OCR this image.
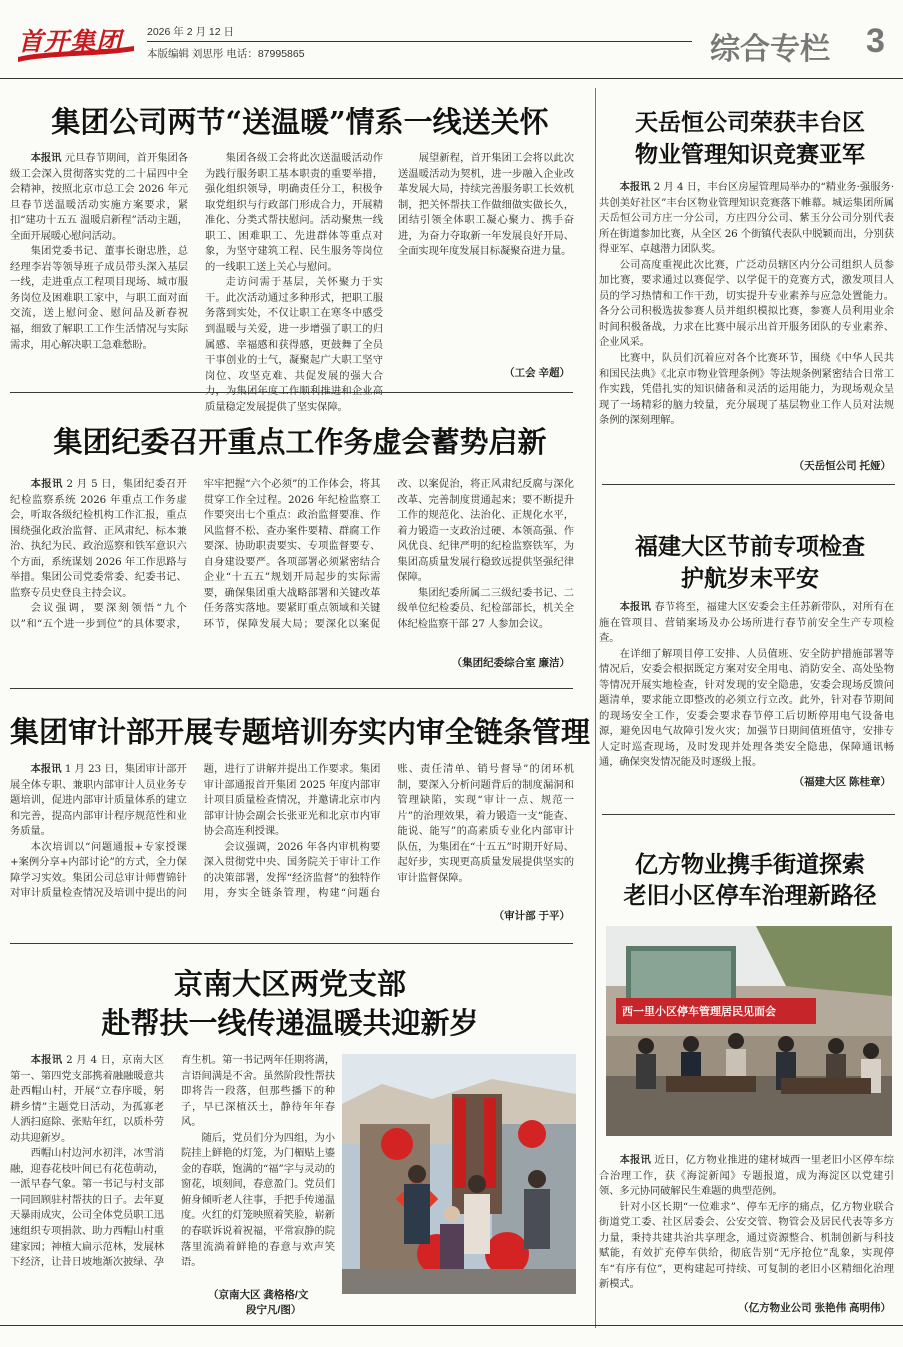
首开集团 2026 年 2 月 12 日
本版编辑 刘思彤 电话：87995865	综合专栏 3
集团公司两节“送温暖”情系一线送关怀

本报讯 元旦春节期间，首开集团各级工会深入贯彻落实党的二十届四中全会精神，按照北京市总工会 2026 年元旦春节送温暖活动实施方案要求，紧扣“建功十五五 温暖启新程”活动主题，全面开展暖心慰问活动。

集团党委书记、董事长谢忠胜，总经理李岩等领导班子成员带头深入基层一线，走进重点工程项目现场、城市服务岗位及困难职工家中，与职工面对面交流，送上慰问金、慰问品及新春祝福，细致了解职工工作生活情况与实际需求，用心解决职工急难愁盼。

集团各级工会将此次送温暖活动作为践行服务职工基本职责的重要举措，强化组织领导，明确责任分工，积极争取党组织与行政部门形成合力，开展精准化、分类式帮扶慰问。活动聚焦一线职工、困难职工、先进群体等重点对象，为坚守建筑工程、民生服务等岗位的一线职工送上关心与慰问。

走访问需于基层，关怀聚力于实干。此次活动通过多种形式，把职工服务落到实处，不仅让职工在寒冬中感受到温暖与关爱，进一步增强了职工的归属感、幸福感和获得感，更鼓舞了全员干事创业的士气，凝聚起广大职工坚守岗位、攻坚克难、共促发展的强大合力，为集团年度工作顺利推进和企业高质量稳定发展提供了坚实保障。

展望新程，首开集团工会将以此次送温暖活动为契机，进一步融入企业改革发展大局，持续完善服务职工长效机制，把关怀帮扶工作做细做实做长久，团结引领全体职工凝心聚力、携手奋进，为奋力夺取新一年发展良好开局、全面实现年度发展目标凝聚奋进力量。

（工会 辛超）
集团纪委召开重点工作务虚会蓄势启新

本报讯 2 月 5 日，集团纪委召开纪检监察系统 2026 年重点工作务虚会，听取各级纪检机构工作汇报，重点围绕强化政治监督、正风肃纪、标本兼治、执纪为民、政治巡察和铁军意识六个方面，系统谋划 2026 年工作思路与举措。集团公司党委常委、纪委书记、监察专员史登良主持会议。

会议强调，要深刻领悟“九个以”和“五个进一步到位”的具体要求，牢牢把握“六个必须”的工作体会，将其贯穿工作全过程。2026 年纪检监察工作要突出七个重点：政治监督要准、作风监督不松、查办案件要精、群腐工作要深、协助职责要实、专项监督要专、自身建设要严。各项部署必须紧密结合企业“十五五”规划开局起步的实际需要，确保集团重大战略部署和关键改革任务落实落地。要紧盯重点领域和关键环节，保障发展大局；要深化以案促改、以案促治，将正风肃纪反腐与深化改革、完善制度贯通起来；要不断提升工作的规范化、法治化、正规化水平，着力锻造一支政治过硬、本领高强、作风优良、纪律严明的纪检监察铁军，为集团高质量发展行稳致远提供坚强纪律保障。

集团纪委所属二三级纪委书记、二级单位纪检委员、纪检部部长，机关全体纪检监察干部 27 人参加会议。

（集团纪委综合室 廉洁）
集团审计部开展专题培训夯实内审全链条管理

本报讯 1 月 23 日，集团审计部开展全体专职、兼职内部审计人员业务专题培训，促进内部审计质量体系的建立和完善，提高内部审计程序规范性和业务质量。

本次培训以“问题通报+专家授课+案例分享+内部讨论”的方式，全力保障学习实效。集团公司总审计师曹锦针对审计质量检查情况及培训中提出的问题，进行了讲解并提出工作要求。集团审计部通报首开集团 2025 年度内部审计项目质量检查情况，并邀请北京市内部审计协会副会长张亚光和北京市内审协会高连利授课。

会议强调，2026 年各内审机构要深入贯彻党中央、国务院关于审计工作的决策部署，发挥“经济监督”的独特作用，夯实全链条管理，构建“问题台账、责任清单、销号督导”的闭环机制，要深入分析问题背后的制度漏洞和管理缺陷，实现“审计一点、规范一片”的治理效果，着力锻造一支“能查、能说、能写”的高素质专业化内部审计队伍，为集团在“十五五”时期开好局、起好步，实现更高质量发展提供坚实的审计监督保障。

（审计部 于平）
京南大区两党支部
赴帮扶一线传递温暖共迎新岁

本报讯 2 月 4 日，京南大区第一、第四党支部携着融融暖意共赴西帽山村，开展“立春序暖，躬耕乡情”主题党日活动，为孤寡老人洒扫庭除、张贴年红，以质朴劳动共迎新岁。

西帽山村边河水初泮，冰雪消融，迎春花枝叶间已有花苞萌动，一派早春气象。第一书记与村支部一同回顾驻村帮扶的日子。去年夏天暴雨成灾，公司全体党员职工迅速组织专项捐款、助力西帽山村重建家园；神植大扁示范林，发展林下经济，让昔日坡地渐次披绿、孕育生机。第一书记两年任期将满，言语间满是不舍。虽然阶段性帮扶即将告一段落，但那些播下的种子，早已深植沃土，静待年年春风。

随后，党员们分为四组，为小院挂上鲜艳的灯笼，为门楣贴上鎏金的春联，饱满的“福”字与灵动的窗花，顷刻间，春意盈门。党员们俯身倾听老人往事，手把手传递温度。火红的灯笼映照着笑脸，崭新的春联诉说着祝福，平常寂静的院落里流淌着鲜艳的春意与欢声笑语。

（京南大区 龚格格/文
段宁凡/图）
天岳恒公司荣获丰台区
物业管理知识竞赛亚军

本报讯 2 月 4 日，丰台区房屋管理局举办的“精业务·强服务·共创美好社区”丰台区物业管理知识竞赛落下帷幕。城运集团所属天岳恒公司方庄一分公司，方庄四分公司、紫玉分公司分别代表所在街道参加比赛，从全区 26 个街镇代表队中脱颖而出，分别获得亚军、卓越潜力团队奖。

公司高度重视此次比赛，广泛动员辖区内分公司组织人员参加比赛，要求通过以赛促学、以学促干的竞赛方式，激发项目人员的学习热情和工作干劲，切实提升专业素养与应急处置能力。各分公司积极选拔参赛人员并组织模拟比赛，参赛人员利用业余时间积极备战，力求在比赛中展示出首开服务团队的专业素养、企业风采。

比赛中，队员们沉着应对各个比赛环节，围绕《中华人民共和国民法典》《北京市物业管理条例》等法规条例紧密结合日常工作实践，凭借扎实的知识储备和灵活的运用能力，为现场观众呈现了一场精彩的脑力较量，充分展现了基层物业工作人员对法规条例的深刻理解。

（天岳恒公司 托娅）
福建大区节前专项检查
护航岁末平安

本报讯 春节将至，福建大区安委会主任苏新带队，对所有在施在管项目、营销案场及办公场所进行春节前安全生产专项检查。

在详细了解项目停工安排、人员值班、安全防护措施部署等情况后，安委会根据既定方案对安全用电、消防安全、高处坠物等情况开展实地检查，针对发现的安全隐患，安委会现场反馈问题清单，要求能立即整改的必须立行立改。此外，针对春节期间的现场安全工作，安委会要求春节停工后切断停用电气设备电源，避免因电气故障引发火灾；加强节日期间值班值守，安排专人定时巡查现场，及时发现并处理各类安全隐患，保障通讯畅通，确保突发情况能及时逐级上报。

（福建大区 陈桂章）
亿方物业携手街道探索
老旧小区停车治理新路径
西一里小区停车管理居民见面会

本报讯 近日，亿方物业推进的建材城西一里老旧小区停车综合治理工作，获《海淀新闻》专题报道，成为海淀区以党建引领、多元协同破解民生难题的典型范例。

针对小区长期“一位难求”、停车无序的痛点，亿方物业联合街道党工委、社区居委会、公安交管、物管会及居民代表等多方力量，秉持共建共治共享理念，通过资源整合、机制创新与科技赋能，有效扩充停车供给，彻底告别“无序抢位”乱象，实现停车“有序有位”，更构建起可持续、可复制的老旧小区精细化治理新模式。

（亿方物业公司 张艳伟 高明伟）
